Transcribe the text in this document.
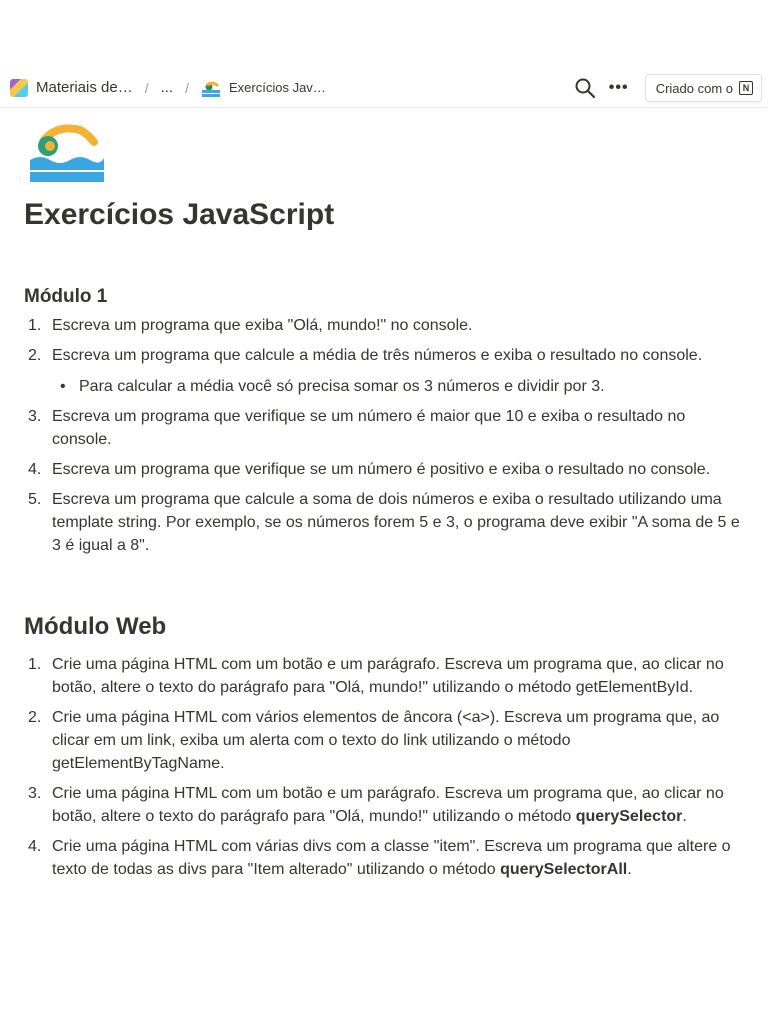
Materiais de… / ... /	Exercícios Jav…	••• Criado com o	N
Exercícios JavaScript
Módulo 1
1. Escreva um programa que exiba "Olá, mundo!" no console.
2. Escreva um programa que calcule a média de três números e exiba o resultado no console.
• Para calcular a média você só precisa somar os 3 números e dividir por 3.
3. Escreva um programa que verifique se um número é maior que 10 e exiba o resultado no console.
4. Escreva um programa que verifique se um número é positivo e exiba o resultado no console.
5. Escreva um programa que calcule a soma de dois números e exiba o resultado utilizando uma template string. Por exemplo, se os números forem 5 e 3, o programa deve exibir "A soma de 5 e 3 é igual a 8".
Módulo Web
1. Crie uma página HTML com um botão e um parágrafo. Escreva um programa que, ao clicar no botão, altere o texto do parágrafo para "Olá, mundo!" utilizando o método getElementById.
2. Crie uma página HTML com vários elementos de âncora (<a>). Escreva um programa que, ao clicar em um link, exiba um alerta com o texto do link utilizando o método getElementByTagName.
3. Crie uma página HTML com um botão e um parágrafo. Escreva um programa que, ao clicar no botão, altere o texto do parágrafo para "Olá, mundo!" utilizando o método querySelector.
4. Crie uma página HTML com várias divs com a classe "item". Escreva um programa que altere o texto de todas as divs para "Item alterado" utilizando o método querySelectorAll.
